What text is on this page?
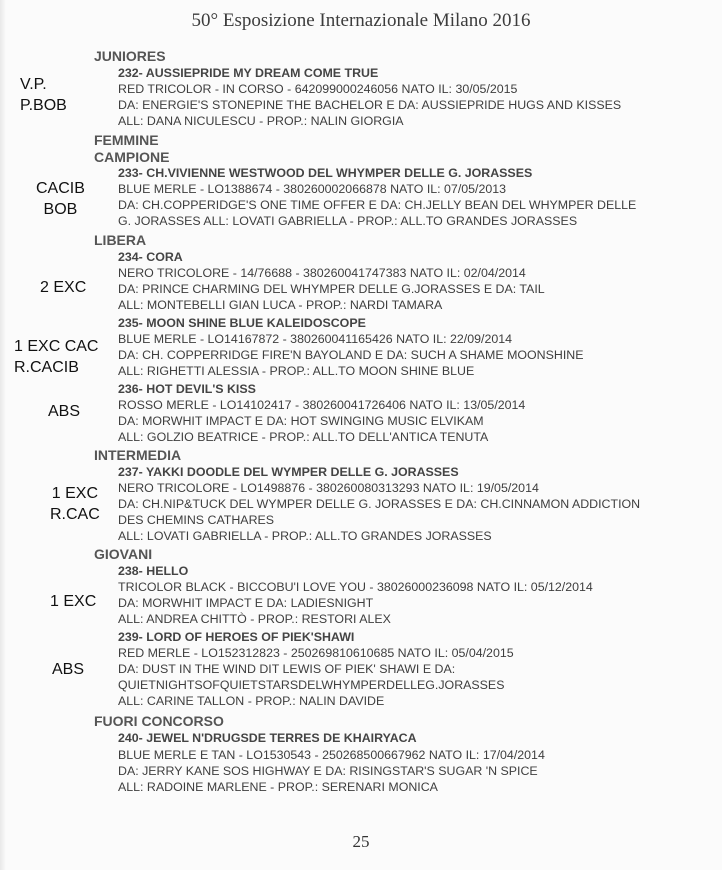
50° Esposizione Internazionale Milano 2016
JUNIORES
232- AUSSIEPRIDE MY DREAM COME TRUE
RED TRICOLOR - IN CORSO - 642099000246056 NATO IL: 30/05/2015
DA: ENERGIE'S STONEPINE THE BACHELOR E DA: AUSSIEPRIDE HUGS AND KISSES
ALL: DANA NICULESCU - PROP.: NALIN GIORGIA
V.P.
P.BOB
FEMMINE
CAMPIONE
233- CH.VIVIENNE WESTWOOD DEL WHYMPER DELLE G. JORASSES
BLUE MERLE - LO1388674 - 380260002066878 NATO IL: 07/05/2013
DA: CH.COPPERIDGE'S ONE TIME OFFER E DA: CH.JELLY BEAN DEL WHYMPER DELLE
G. JORASSES ALL: LOVATI GABRIELLA - PROP.: ALL.TO GRANDES JORASSES
CACIB
BOB
LIBERA
234- CORA
NERO TRICOLORE - 14/76688 - 380260041747383 NATO IL: 02/04/2014
DA: PRINCE CHARMING DEL WHYMPER DELLE G.JORASSES E DA: TAIL
ALL: MONTEBELLI GIAN LUCA - PROP.: NARDI TAMARA
2 EXC
235- MOON SHINE BLUE KALEIDOSCOPE
BLUE MERLE - LO14167872 - 380260041165426 NATO IL: 22/09/2014
DA: CH. COPPERRIDGE FIRE'N BAYOLAND E DA: SUCH A SHAME MOONSHINE
ALL: RIGHETTI ALESSIA - PROP.: ALL.TO MOON SHINE BLUE
1 EXC CAC
R.CACIB
236- HOT DEVIL'S KISS
ROSSO MERLE - LO14102417 - 380260041726406 NATO IL: 13/05/2014
DA: MORWHIT IMPACT E DA: HOT SWINGING MUSIC ELVIKAM
ALL: GOLZIO BEATRICE - PROP.: ALL.TO DELL'ANTICA TENUTA
ABS
INTERMEDIA
237- YAKKI DOODLE DEL WYMPER DELLE G. JORASSES
NERO TRICOLORE - LO1498876 - 380260080313293 NATO IL: 19/05/2014
DA: CH.NIP&TUCK DEL WYMPER DELLE G. JORASSES E DA: CH.CINNAMON ADDICTION
DES CHEMINS CATHARES
ALL: LOVATI GABRIELLA - PROP.: ALL.TO GRANDES JORASSES
1 EXC
R.CAC
GIOVANI
238- HELLO
TRICOLOR BLACK - BICCOBU'I LOVE YOU - 38026000236098 NATO IL: 05/12/2014
DA: MORWHIT IMPACT E DA: LADIESNIGHT
ALL: ANDREA CHITTÒ - PROP.: RESTORI ALEX
1 EXC
239- LORD OF HEROES OF PIEK'SHAWI
RED MERLE - LO152312823 - 250269810610685 NATO IL: 05/04/2015
DA: DUST IN THE WIND DIT LEWIS OF PIEK' SHAWI E DA:
QUIETNIGHTSOFQUIETSTARSDELWHYMPERDELLEG.JORASSES
ALL: CARINE TALLON - PROP.: NALIN DAVIDE
ABS
FUORI CONCORSO
240- JEWEL N'DRUGSDE TERRES DE KHAIRYACA
BLUE MERLE E TAN - LO1530543 - 250268500667962 NATO IL: 17/04/2014
DA: JERRY KANE SOS HIGHWAY E DA: RISINGSTAR'S SUGAR 'N SPICE
ALL: RADOINE MARLENE - PROP.: SERENARI MONICA
25
